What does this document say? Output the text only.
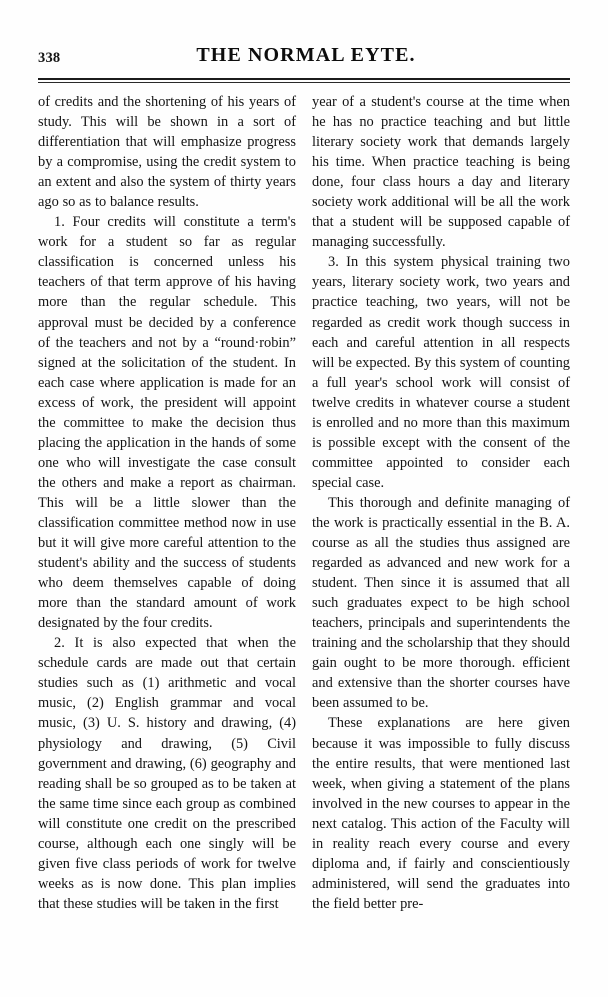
338	THE NORMAL EYTE.

of credits and the shortening of his years of study. This will be shown in a sort of differentiation that will emphasize progress by a compromise, using the credit system to an extent and also the system of thirty years ago so as to balance results.

1. Four credits will constitute a term's work for a student so far as regular classification is concerned unless his teachers of that term approve of his having more than the regular schedule. This approval must be decided by a conference of the teachers and not by a “round·robin” signed at the solicitation of the student. In each case where application is made for an excess of work, the president will appoint the committee to make the decision thus placing the application in the hands of some one who will investigate the case consult the others and make a report as chairman. This will be a little slower than the classification committee method now in use but it will give more careful attention to the student's ability and the success of students who deem themselves capable of doing more than the standard amount of work designated by the four credits.

2. It is also expected that when the schedule cards are made out that certain studies such as (1) arithmetic and vocal music, (2) English grammar and vocal music, (3) U. S. history and drawing, (4) physiology and drawing, (5) Civil government and drawing, (6) geography and reading shall be so grouped as to be taken at the same time since each group as combined will constitute one credit on the prescribed course, although each one singly will be given five class periods of work for twelve weeks as is now done. This plan implies that these studies will be taken in the first

year of a student's course at the time when he has no practice teaching and but little literary society work that demands largely his time. When practice teaching is being done, four class hours a day and literary society work additional will be all the work that a student will be supposed capable of managing successfully.

3. In this system physical training two years, literary society work, two years and practice teaching, two years, will not be regarded as credit work though success in each and careful attention in all respects will be expected. By this system of counting a full year's school work will consist of twelve credits in whatever course a student is enrolled and no more than this maximum is possible except with the consent of the committee appointed to consider each special case.

This thorough and definite managing of the work is practically essential in the B. A. course as all the studies thus assigned are regarded as advanced and new work for a student. Then since it is assumed that all such graduates expect to be high school teachers, principals and superintendents the training and the scholarship that they should gain ought to be more thorough. efficient and extensive than the shorter courses have been assumed to be.

These explanations are here given because it was impossible to fully discuss the entire results, that were mentioned last week, when giving a statement of the plans involved in the new courses to appear in the next catalog. This action of the Faculty will in reality reach every course and every diploma and, if fairly and conscientiously administered, will send the graduates into the field better pre-
